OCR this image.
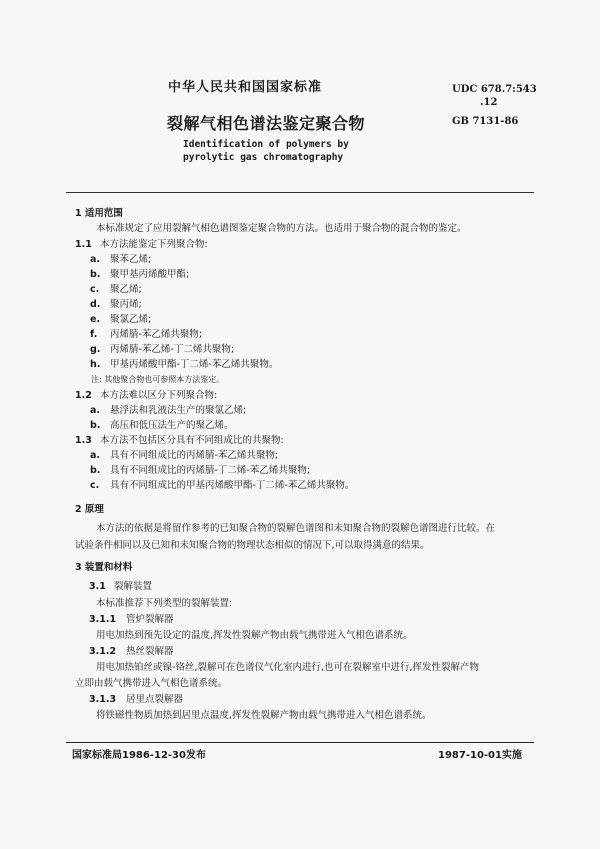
中华人民共和国国家标准	UDC 678.7:543
.12
GB 7131-86
裂解气相色谱法鉴定聚合物
Identification of polymers by
pyrolytic gas chromatography
1 适用范围
本标准规定了应用裂解气相色谱图鉴定聚合物的方法。也适用于聚合物的混合物的鉴定。
1.1 本方法能鉴定下列聚合物:
a. 聚苯乙烯;
b. 聚甲基丙烯酸甲酯;
c. 聚乙烯;
d. 聚丙烯;
e. 聚氯乙烯;
f. 丙烯腈-苯乙烯共聚物;
g. 丙烯腈-苯乙烯-丁二烯共聚物;
h. 甲基丙烯酸甲酯-丁二烯-苯乙烯共聚物。
注: 其他聚合物也可参照本方法鉴定。
1.2 本方法难以区分下列聚合物:
a. 悬浮法和乳液法生产的聚氯乙烯;
b. 高压和低压法生产的聚乙烯。
1.3 本方法不包括区分具有不同组成比的共聚物:
a. 具有不同组成比的丙烯腈-苯乙烯共聚物;
b. 具有不同组成比的丙烯腈-丁二烯-苯乙烯共聚物;
c. 具有不同组成比的甲基丙烯酸甲酯-丁二烯-苯乙烯共聚物。
2 原理
本方法的依据是将留作参考的已知聚合物的裂解色谱图和未知聚合物的裂解色谱图进行比较。在
试验条件相同以及已知和未知聚合物的物理状态相似的情况下,可以取得满意的结果。
3 装置和材料
3.1 裂解装置
本标准推荐下列类型的裂解装置:
3.1.1 管炉裂解器
用电加热到预先设定的温度,挥发性裂解产物由载气携带进入气相色谱系统。
3.1.2 热丝裂解器
用电加热铂丝或镍-铬丝,裂解可在色谱仪气化室内进行,也可在裂解室中进行,挥发性裂解产物
立即由载气携带进入气相色谱系统。
3.1.3 居里点裂解器
将铁磁性物质加热到居里点温度,挥发性裂解产物由载气携带进入气相色谱系统。
国家标准局1986-12-30发布	1987-10-01实施
